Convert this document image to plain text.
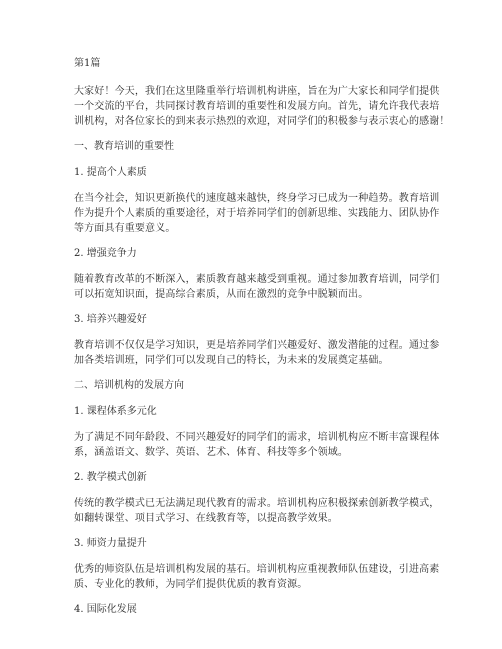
第1篇
大家好！今天，我们在这里隆重举行培训机构讲座，旨在为广大家长和同学们提供
一个交流的平台，共同探讨教育培训的重要性和发展方向。首先，请允许我代表培
训机构，对各位家长的到来表示热烈的欢迎，对同学们的积极参与表示衷心的感谢！
一、教育培训的重要性
1. 提高个人素质
在当今社会，知识更新换代的速度越来越快，终身学习已成为一种趋势。教育培训
作为提升个人素质的重要途径，对于培养同学们的创新思维、实践能力、团队协作
等方面具有重要意义。
2. 增强竞争力
随着教育改革的不断深入，素质教育越来越受到重视。通过参加教育培训，同学们
可以拓宽知识面，提高综合素质，从而在激烈的竞争中脱颖而出。
3. 培养兴趣爱好
教育培训不仅仅是学习知识，更是培养同学们兴趣爱好、激发潜能的过程。通过参
加各类培训班，同学们可以发现自己的特长，为未来的发展奠定基础。
二、培训机构的发展方向
1. 课程体系多元化
为了满足不同年龄段、不同兴趣爱好的同学们的需求，培训机构应不断丰富课程体
系，涵盖语文、数学、英语、艺术、体育、科技等多个领域。
2. 教学模式创新
传统的教学模式已无法满足现代教育的需求。培训机构应积极探索创新教学模式，
如翻转课堂、项目式学习、在线教育等，以提高教学效果。
3. 师资力量提升
优秀的师资队伍是培训机构发展的基石。培训机构应重视教师队伍建设，引进高素
质、专业化的教师，为同学们提供优质的教育资源。
4. 国际化发展
